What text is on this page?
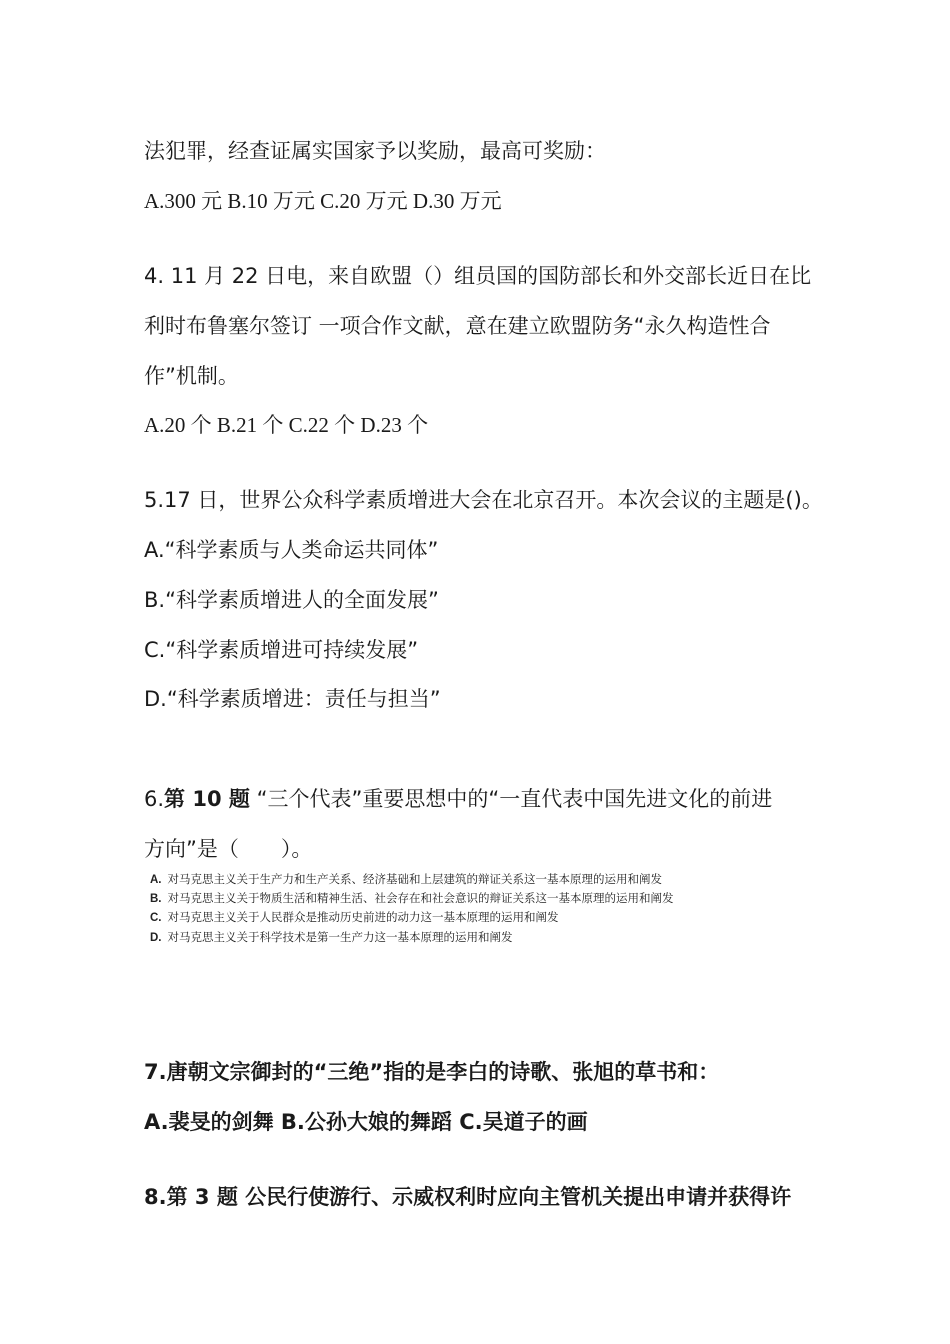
法犯罪，经查证属实国家予以奖励，最高可奖励：
A.300 元 B.10 万元 C.20 万元 D.30 万元
4. 11 月 22 日电，来自欧盟（）组员国的国防部长和外交部长近日在比
利时布鲁塞尔签订 一项合作文献，意在建立欧盟防务“永久构造性合
作”机制。
A.20 个 B.21 个 C.22 个 D.23 个
5.17 日，世界公众科学素质增进大会在北京召开。本次会议的主题是()。
A.“科学素质与人类命运共同体”
B.“科学素质增进人的全面发展”
C.“科学素质增进可持续发展”
D.“科学素质增进：责任与担当”
6.第 10 题 “三个代表”重要思想中的“一直代表中国先进文化的前进
方向”是（　　）。
A. 对马克思主义关于生产力和生产关系、经济基础和上层建筑的辩证关系这一基本原理的运用和阐发
B. 对马克思主义关于物质生活和精神生活、社会存在和社会意识的辩证关系这一基本原理的运用和阐发
C. 对马克思主义关于人民群众是推动历史前进的动力这一基本原理的运用和阐发
D. 对马克思主义关于科学技术是第一生产力这一基本原理的运用和阐发
7.唐朝文宗御封的“三绝”指的是李白的诗歌、张旭的草书和：
A.裴旻的剑舞 B.公孙大娘的舞蹈 C.吴道子的画
8.第 3 题 公民行使游行、示威权利时应向主管机关提出申请并获得许
